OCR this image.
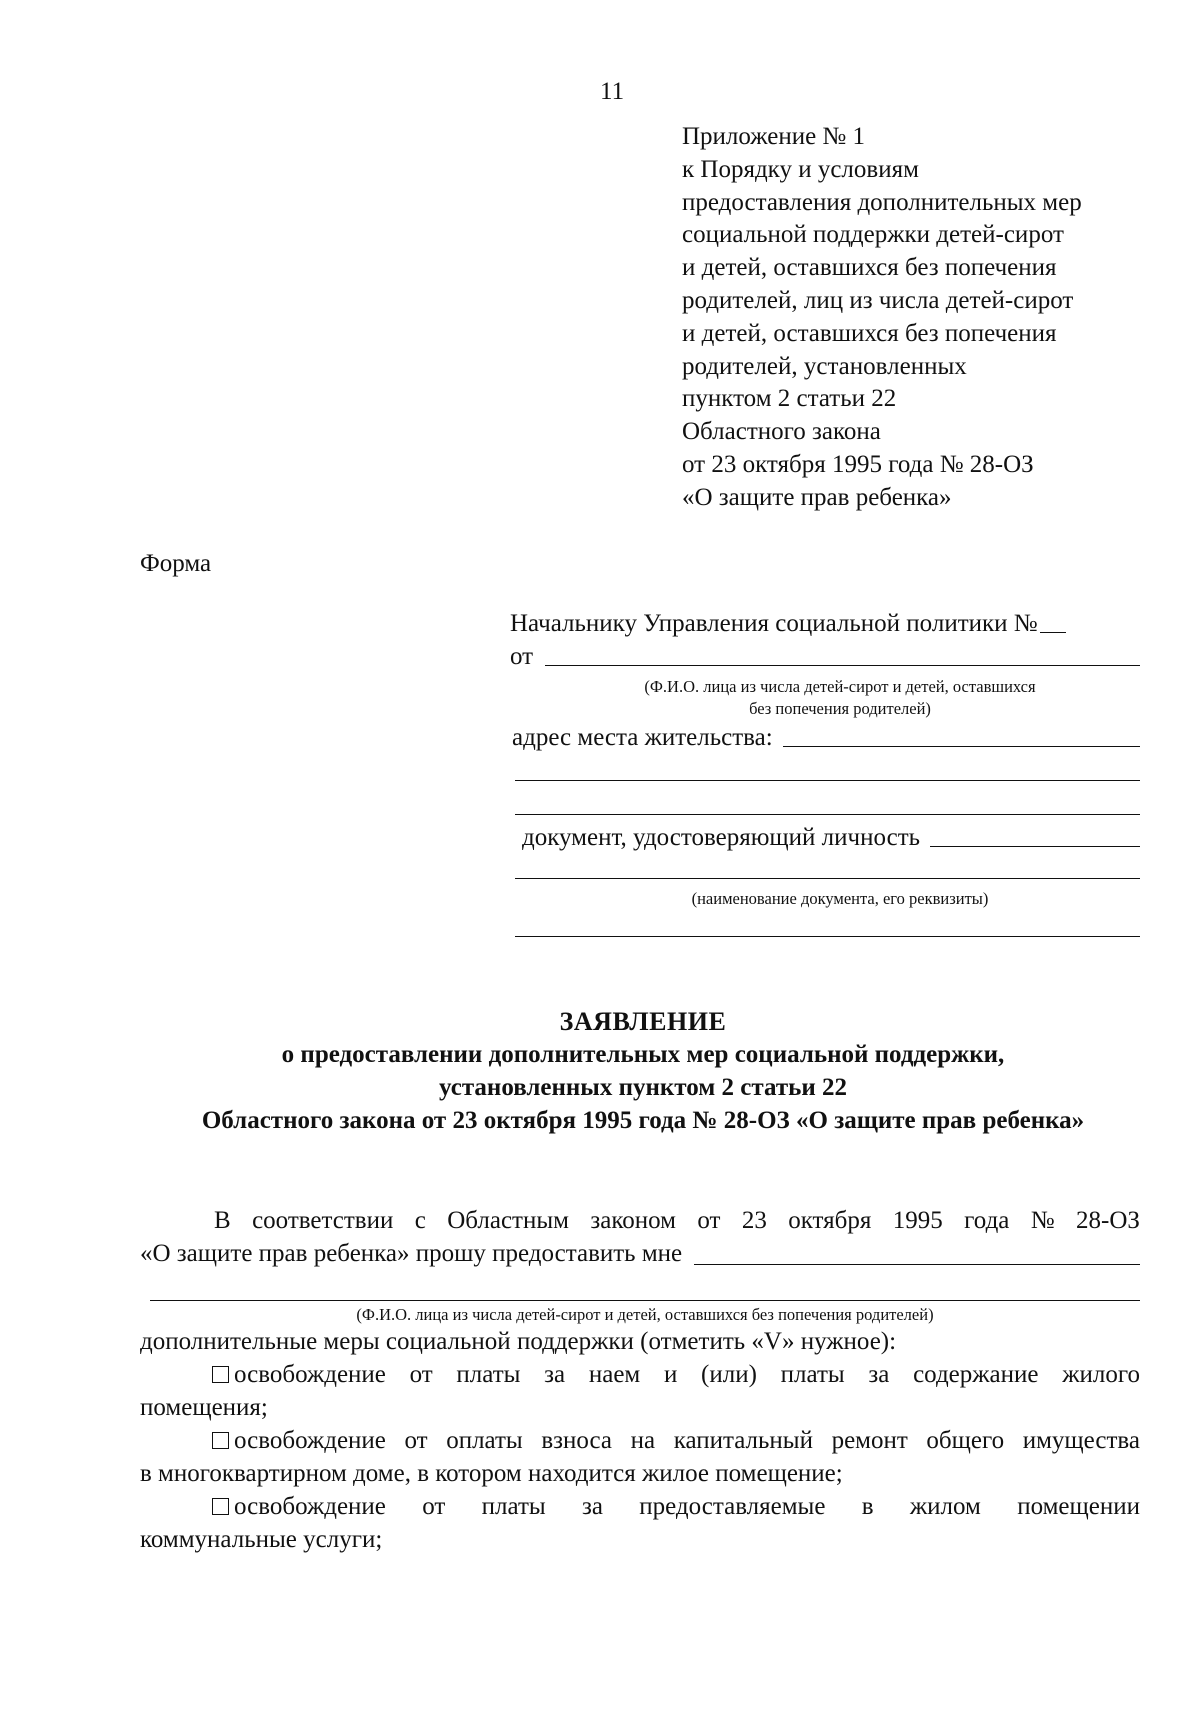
11
Приложение № 1
к Порядку и условиям
предоставления дополнительных мер
социальной поддержки детей-сирот
и детей, оставшихся без попечения
родителей, лиц из числа детей-сирот
и детей, оставшихся без попечения
родителей, установленных
пунктом 2 статьи 22
Областного закона
от 23 октября 1995 года № 28-ОЗ
«О защите прав ребенка»
Форма
Начальнику Управления социальной политики №
от
(Ф.И.О. лица из числа детей-сирот и детей, оставшихся
без попечения родителей)
адрес места жительства:
документ, удостоверяющий личность
(наименование документа, его реквизиты)
ЗАЯВЛЕНИЕ
о предоставлении дополнительных мер социальной поддержки,
установленных пунктом 2 статьи 22
Областного закона от 23 октября 1995 года № 28-ОЗ «О защите прав ребенка»
В соответствии с Областным законом от 23 октября 1995 года № 28-ОЗ
«О защите прав ребенка» прошу предоставить мне
(Ф.И.О. лица из числа детей-сирот и детей, оставшихся без попечения родителей)
дополнительные меры социальной поддержки (отметить «V» нужное):
освобождение от платы за наем и (или) платы за содержание жилого
помещения;
освобождение от оплаты взноса на капитальный ремонт общего имущества
в многоквартирном доме, в котором находится жилое помещение;
освобождение от платы за предоставляемые в жилом помещении
коммунальные услуги;
